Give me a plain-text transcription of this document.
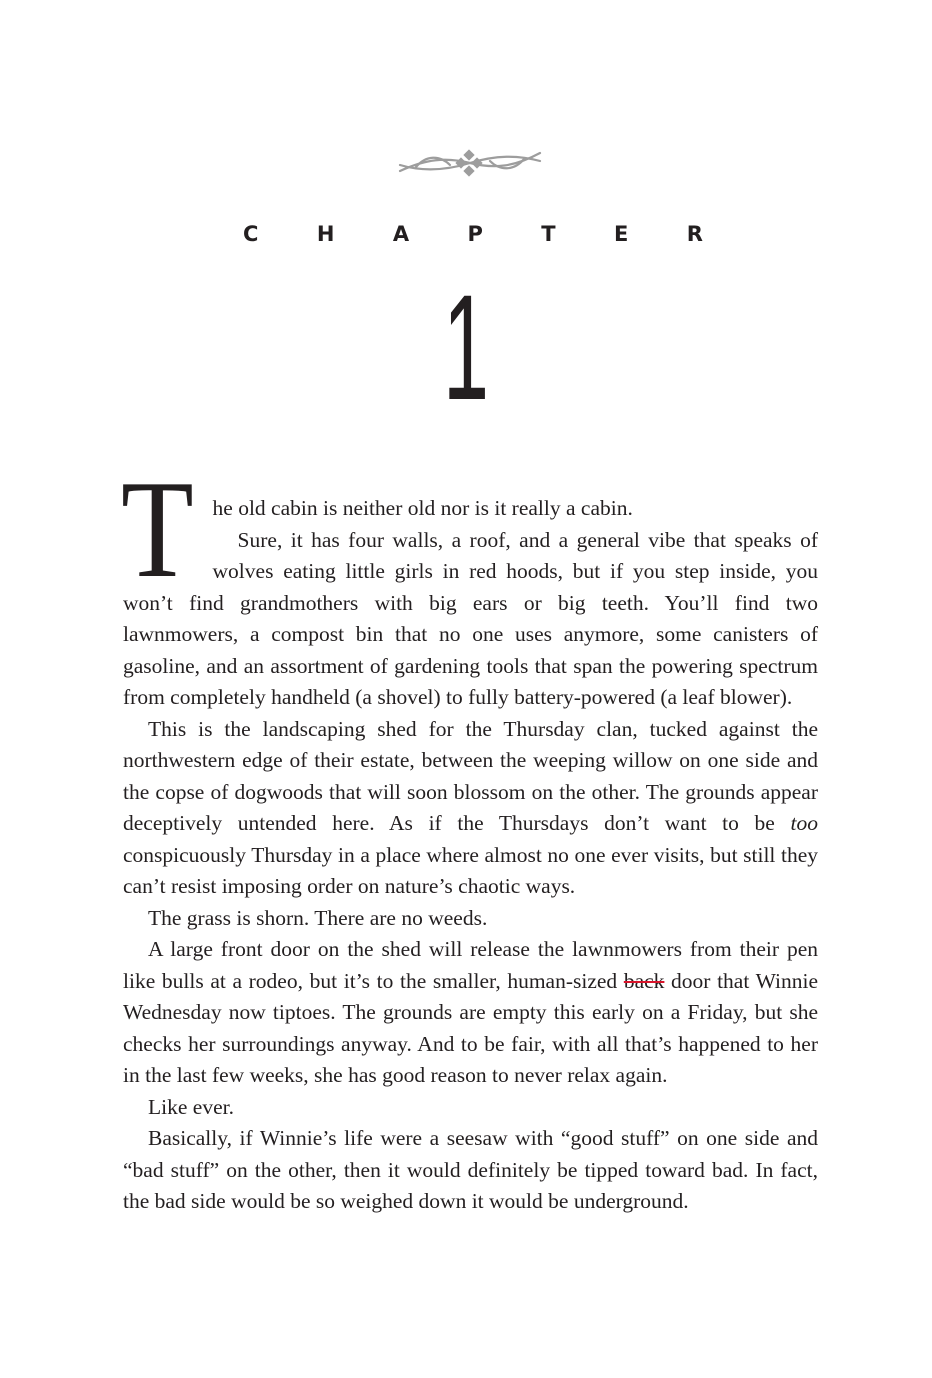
C	H	A	P	T	E	R
1

The old cabin is neither old nor is it really a cabin.
Sure, it has four walls, a roof, and a general vibe that speaks of wolves eating little girls in red hoods, but if you step inside, you won’t find grandmothers with big ears or big teeth. You’ll find two lawnmowers, a compost bin that no one uses anymore, some canisters of gasoline, and an assortment of gardening tools that span the powering spectrum from completely handheld (a shovel) to fully battery-powered (a leaf blower).

This is the landscaping shed for the Thursday clan, tucked against the northwestern edge of their estate, between the weeping willow on one side and the copse of dogwoods that will soon blossom on the other. The grounds appear deceptively untended here. As if the Thursdays don’t want to be too conspicuously Thursday in a place where almost no one ever visits, but still they can’t resist imposing order on nature’s chaotic ways.

The grass is shorn. There are no weeds.

A large front door on the shed will release the lawnmowers from their pen like bulls at a rodeo, but it’s to the smaller, human-sized back door that Winnie Wednesday now tiptoes. The grounds are empty this early on a Friday, but she checks her surroundings anyway. And to be fair, with all that’s happened to her in the last few weeks, she has good reason to never relax again.

Like ever.

Basically, if Winnie’s life were a seesaw with “good stuff” on one side and “bad stuff” on the other, then it would definitely be tipped toward bad. In fact, the bad side would be so weighed down it would be underground.
